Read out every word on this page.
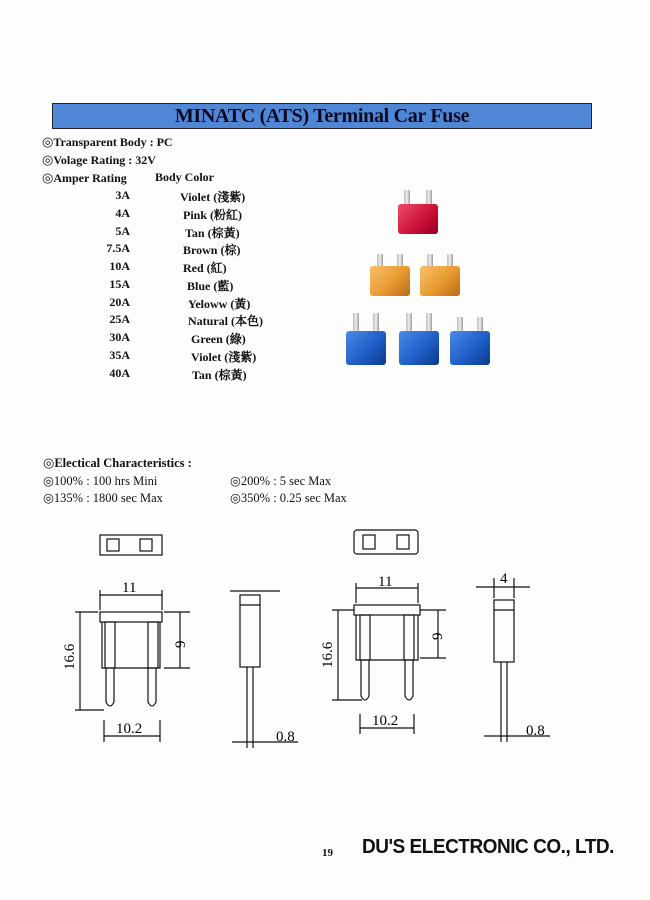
MINATC (ATS) Terminal Car Fuse
◎Transparent Body : PC
◎Volage Rating : 32V
◎Amper Rating Body Color
3A	Violet (淺紫)
4A	Pink (粉紅)
5A	Tan (棕黃)
7.5A	Brown (棕)
10A	Red (紅)
15A	Blue (藍)
20A	Yeloww (黃)
25A	Natural (本色)
30A	Green (綠)
35A	Violet (淺紫)
40A	Tan (棕黃)
◎Electical Characteristics :
◎100% : 100 hrs Mini
◎135% : 1800 sec Max
◎200% : 5 sec Max
◎350% : 0.25 sec Max
11
16.6	9
10.2	0.8
11
16.6
9
10.2
0.8
4
19 DU'S ELECTRONIC CO., LTD.
